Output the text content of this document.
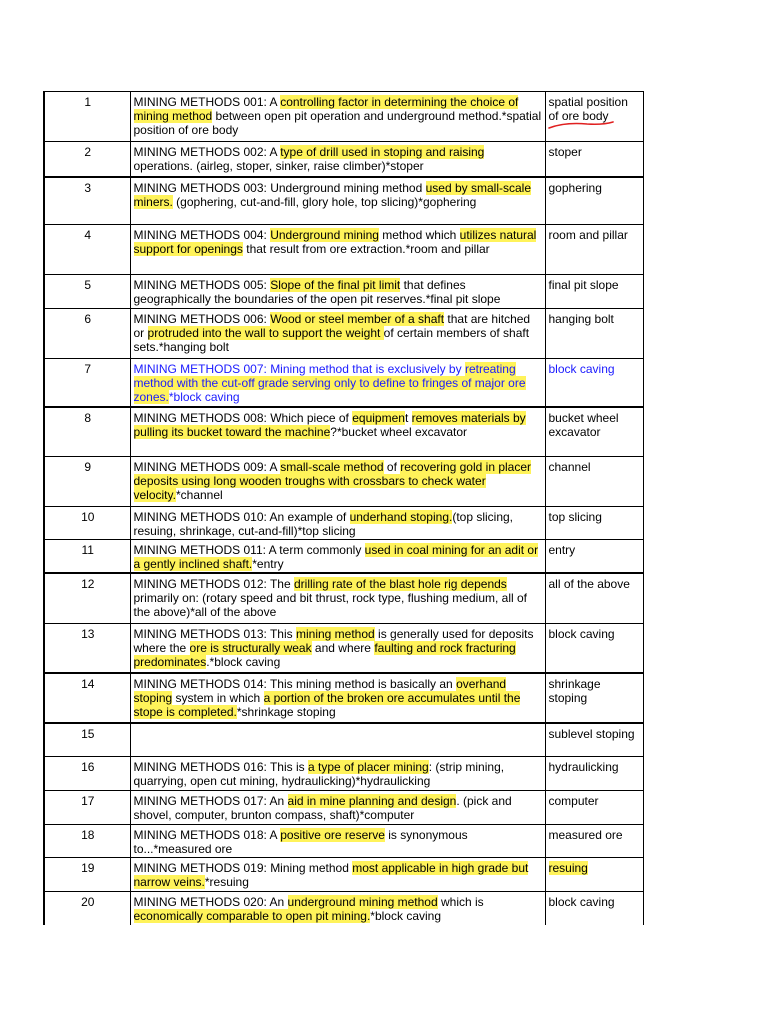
1	MINING METHODS 001: A controlling factor in determining the choice of mining method between open pit operation and underground method.*spatial position of ore body	spatial position of ore body

2	MINING METHODS 002: A type of drill used in stoping and raising operations. (airleg, stoper, sinker, raise climber)*stoper	stoper
3	MINING METHODS 003: Underground mining method used by small-scale miners. (gophering, cut-and-fill, glory hole, top slicing)*gophering	gophering
4	MINING METHODS 004: Underground mining method which utilizes natural support for openings that result from ore extraction.*room and pillar	room and pillar
5	MINING METHODS 005: Slope of the final pit limit that defines geographically the boundaries of the open pit reserves.*final pit slope	final pit slope
6	MINING METHODS 006: Wood or steel member of a shaft that are hitched or protruded into the wall to support the weight of certain members of shaft sets.*hanging bolt	hanging bolt
7	MINING METHODS 007: Mining method that is exclusively by retreating method with the cut-off grade serving only to define to fringes of major ore zones.*block caving	block caving
8	MINING METHODS 008: Which piece of equipment removes materials by pulling its bucket toward the machine?*bucket wheel excavator	bucket wheel excavator
9	MINING METHODS 009: A small-scale method of recovering gold in placer deposits using long wooden troughs with crossbars to check water velocity.*channel	channel
10	MINING METHODS 010: An example of underhand stoping.(top slicing, resuing, shrinkage, cut-and-fill)*top slicing	top slicing
11	MINING METHODS 011: A term commonly used in coal mining for an adit or a gently inclined shaft.*entry	entry
12	MINING METHODS 012: The drilling rate of the blast hole rig depends primarily on: (rotary speed and bit thrust, rock type, flushing medium, all of the above)*all of the above	all of the above
13	MINING METHODS 013: This mining method is generally used for deposits where the ore is structurally weak and where faulting and rock fracturing predominates.*block caving	block caving
14	MINING METHODS 014: This mining method is basically an overhand stoping system in which a portion of the broken ore accumulates until the stope is completed.*shrinkage stoping	shrinkage stoping
15		sublevel stoping
16	MINING METHODS 016: This is a type of placer mining: (strip mining, quarrying, open cut mining, hydraulicking)*hydraulicking	hydraulicking
17	MINING METHODS 017: An aid in mine planning and design. (pick and shovel, computer, brunton compass, shaft)*computer	computer
18	MINING METHODS 018: A positive ore reserve is synonymous to...*measured ore	measured ore
19	MINING METHODS 019: Mining method most applicable in high grade but narrow veins.*resuing	resuing
20	MINING METHODS 020: An underground mining method which is economically comparable to open pit mining.*block caving	block caving
